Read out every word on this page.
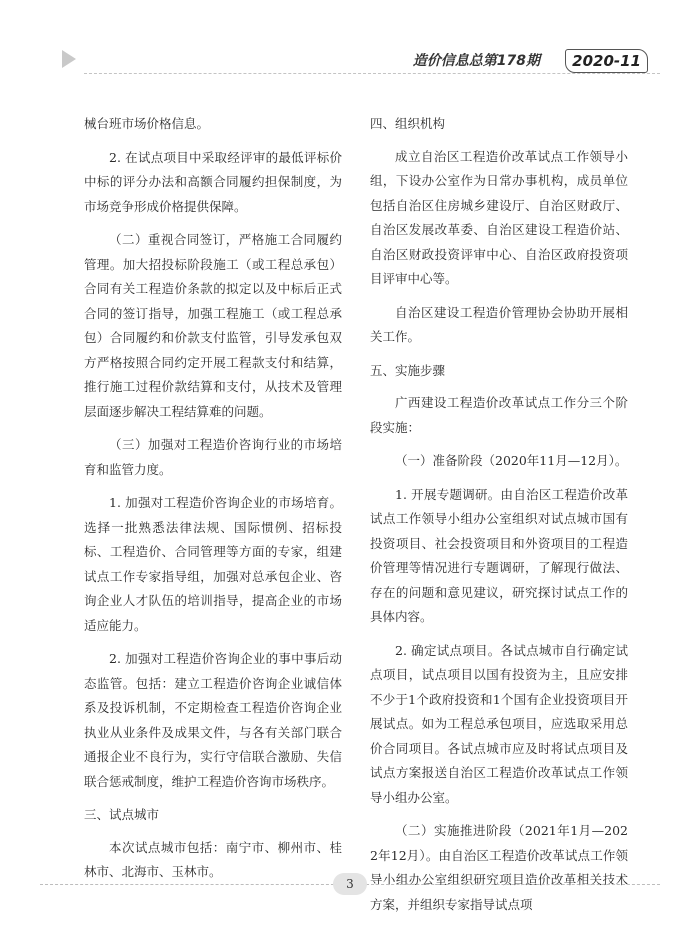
造价信息总第178期	2020-11

械台班市场价格信息。

2. 在试点项目中采取经评审的最低评标价中标的评分办法和高额合同履约担保制度，为市场竞争形成价格提供保障。

（二）重视合同签订，严格施工合同履约管理。加大招投标阶段施工（或工程总承包）合同有关工程造价条款的拟定以及中标后正式合同的签订指导，加强工程施工（或工程总承包）合同履约和价款支付监管，引导发承包双方严格按照合同约定开展工程款支付和结算，推行施工过程价款结算和支付，从技术及管理层面逐步解决工程结算难的问题。

（三）加强对工程造价咨询行业的市场培育和监管力度。

1. 加强对工程造价咨询企业的市场培育。选择一批熟悉法律法规、国际惯例、招标投标、工程造价、合同管理等方面的专家，组建试点工作专家指导组，加强对总承包企业、咨询企业人才队伍的培训指导，提高企业的市场适应能力。

2. 加强对工程造价咨询企业的事中事后动态监管。包括：建立工程造价咨询企业诚信体系及投诉机制，不定期检查工程造价咨询企业执业从业条件及成果文件，与各有关部门联合通报企业不良行为，实行守信联合激励、失信联合惩戒制度，维护工程造价咨询市场秩序。

三、试点城市

本次试点城市包括：南宁市、柳州市、桂林市、北海市、玉林市。

四、组织机构

成立自治区工程造价改革试点工作领导小组，下设办公室作为日常办事机构，成员单位包括自治区住房城乡建设厅、自治区财政厅、自治区发展改革委、自治区建设工程造价站、自治区财政投资评审中心、自治区政府投资项目评审中心等。

自治区建设工程造价管理协会协助开展相关工作。

五、实施步骤

广西建设工程造价改革试点工作分三个阶段实施：

（一）准备阶段（2020年11月—12月）。

1. 开展专题调研。由自治区工程造价改革试点工作领导小组办公室组织对试点城市国有投资项目、社会投资项目和外资项目的工程造价管理等情况进行专题调研，了解现行做法、存在的问题和意见建议，研究探讨试点工作的具体内容。

2. 确定试点项目。各试点城市自行确定试点项目，试点项目以国有投资为主，且应安排不少于1个政府投资和1个国有企业投资项目开展试点。如为工程总承包项目，应选取采用总价合同项目。各试点城市应及时将试点项目及试点方案报送自治区工程造价改革试点工作领导小组办公室。

（二）实施推进阶段（2021年1月—2022年12月）。由自治区工程造价改革试点工作领导小组办公室组织研究项目造价改革相关技术方案，并组织专家指导试点项

3
